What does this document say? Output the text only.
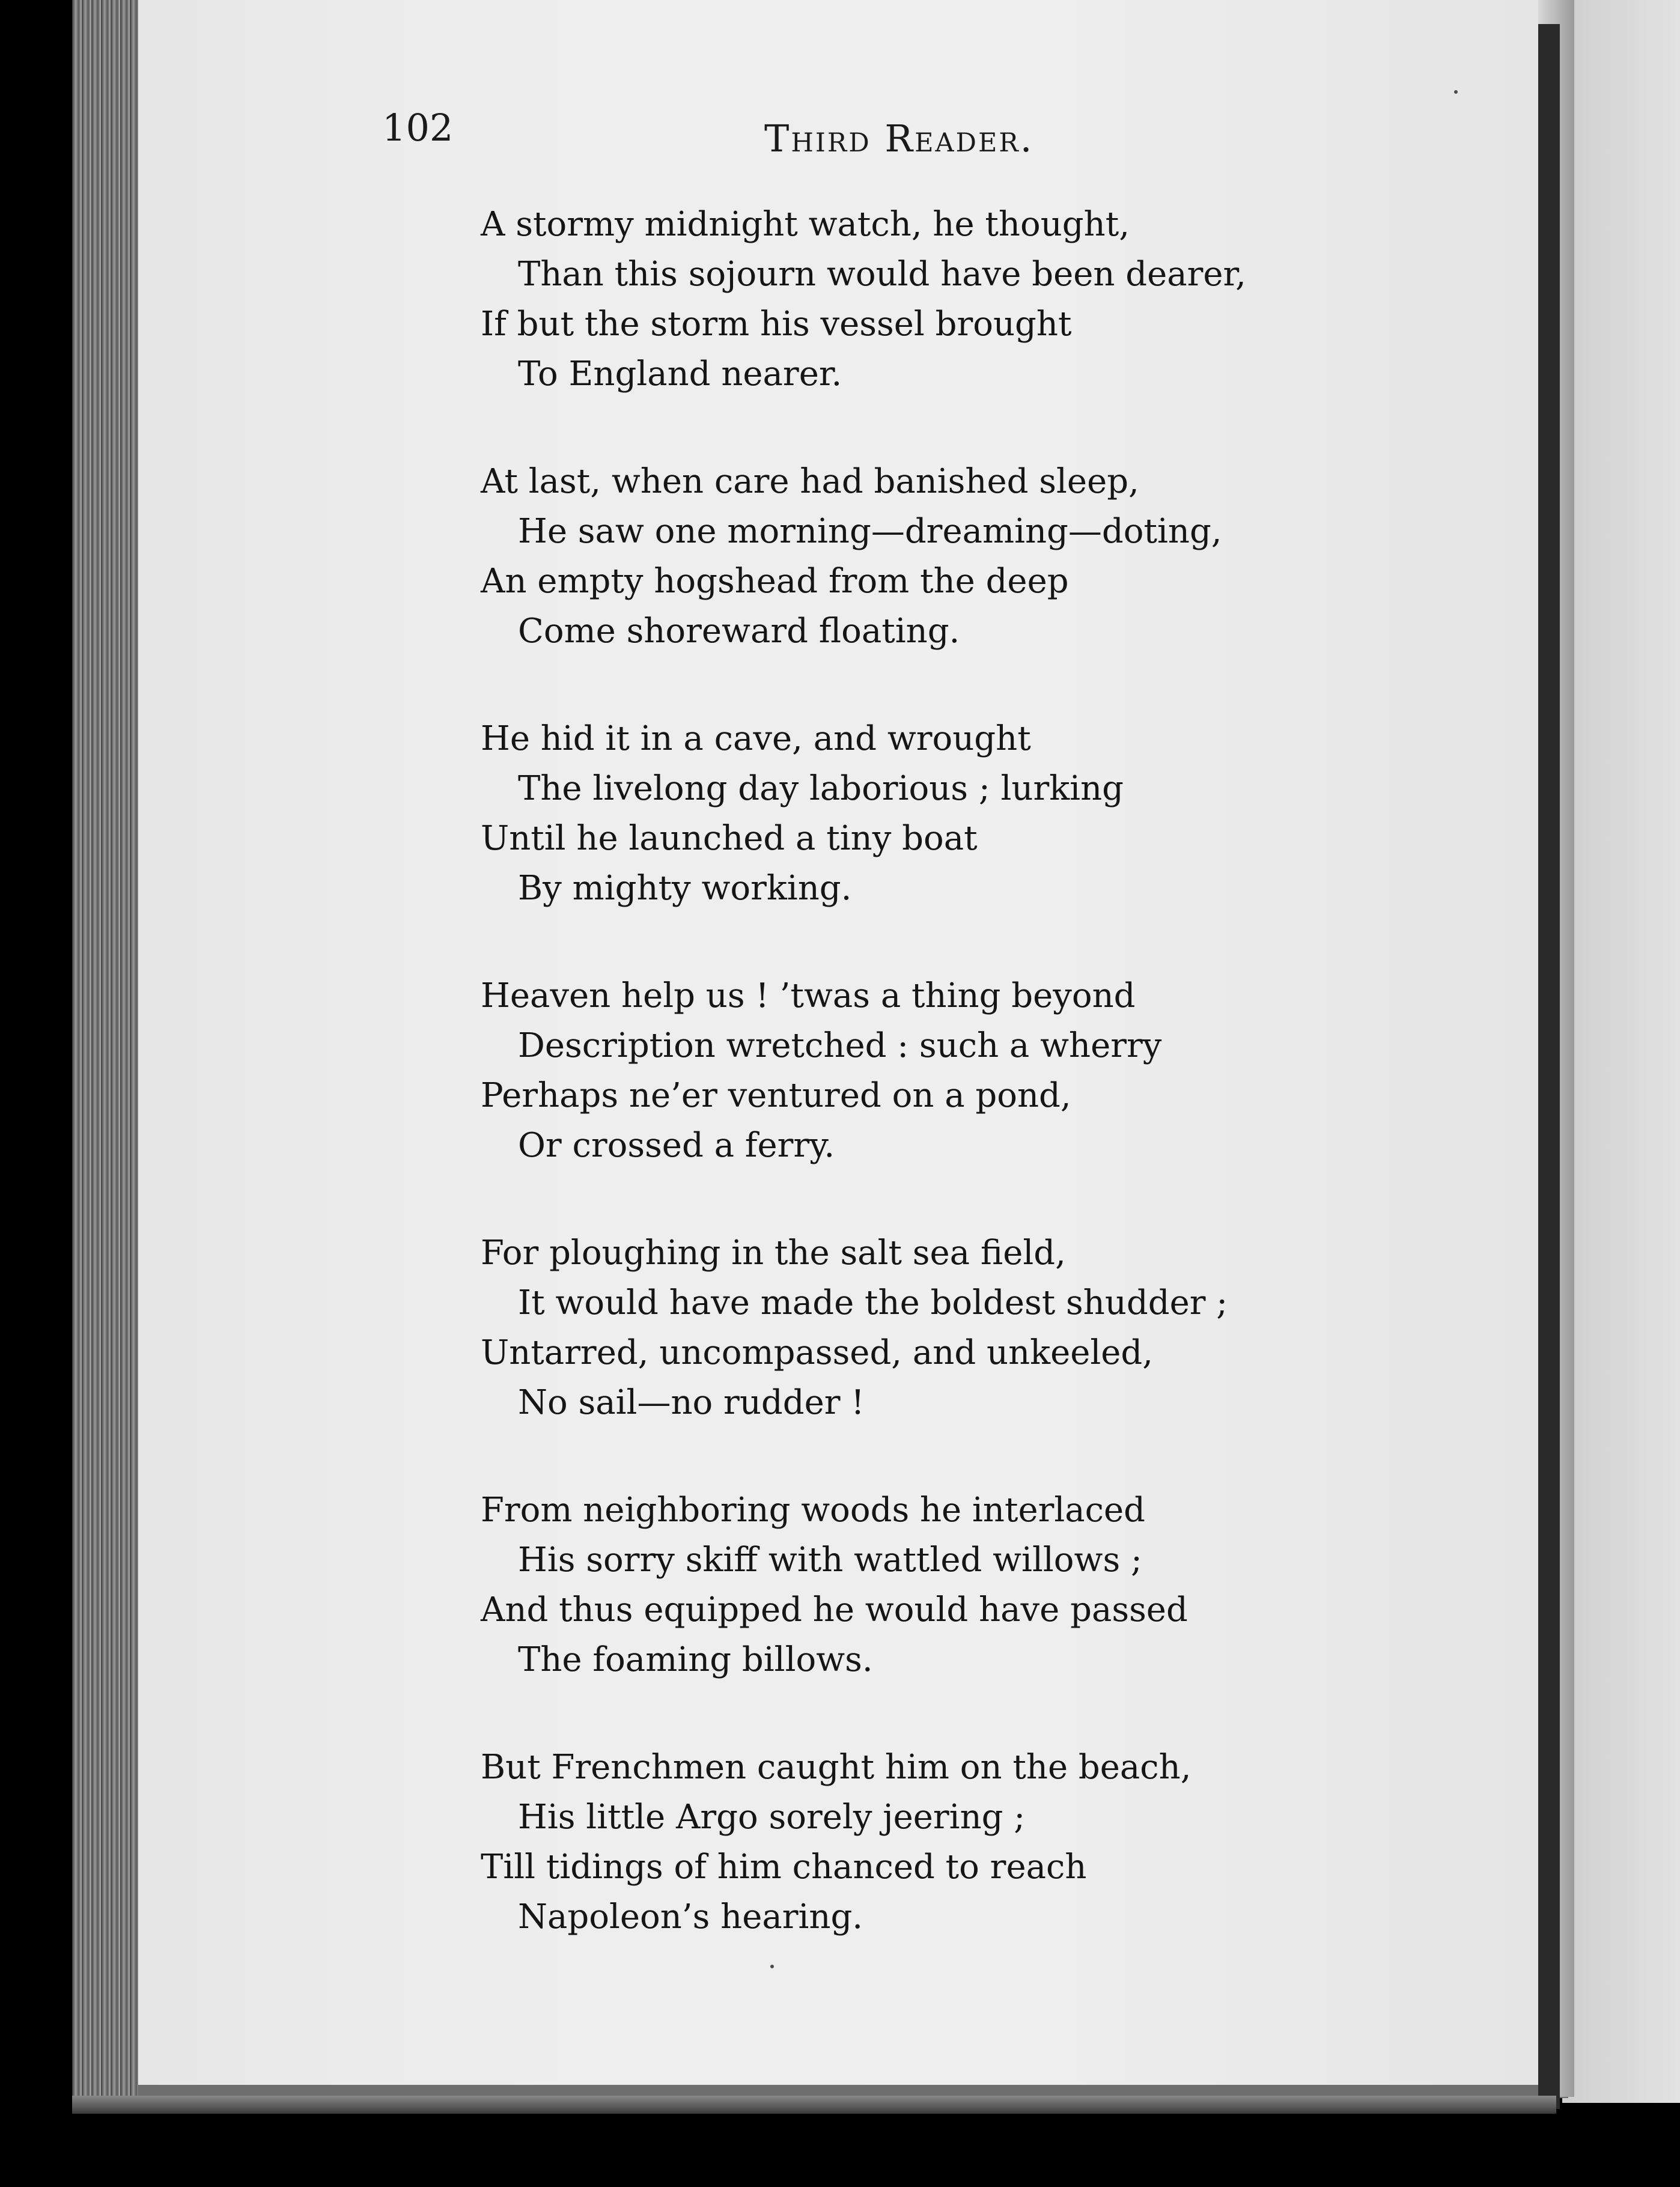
102	Third Reader.
A stormy midnight watch, he thought,
Than this sojourn would have been dearer,
If but the storm his vessel brought
To England nearer.
At last, when care had banished sleep,
He saw one morning—dreaming—doting,
An empty hogshead from the deep
Come shoreward floating.
He hid it in a cave, and wrought
The livelong day laborious ; lurking
Until he launched a tiny boat
By mighty working.
Heaven help us ! ’twas a thing beyond
Description wretched : such a wherry
Perhaps ne’er ventured on a pond,
Or crossed a ferry.
For ploughing in the salt sea field,
It would have made the boldest shudder ;
Untarred, uncompassed, and unkeeled,
No sail—no rudder !
From neighboring woods he interlaced
His sorry skiff with wattled willows ;
And thus equipped he would have passed
The foaming billows.
But Frenchmen caught him on the beach,
His little Argo sorely jeering ;
Till tidings of him chanced to reach
Napoleon’s hearing.
